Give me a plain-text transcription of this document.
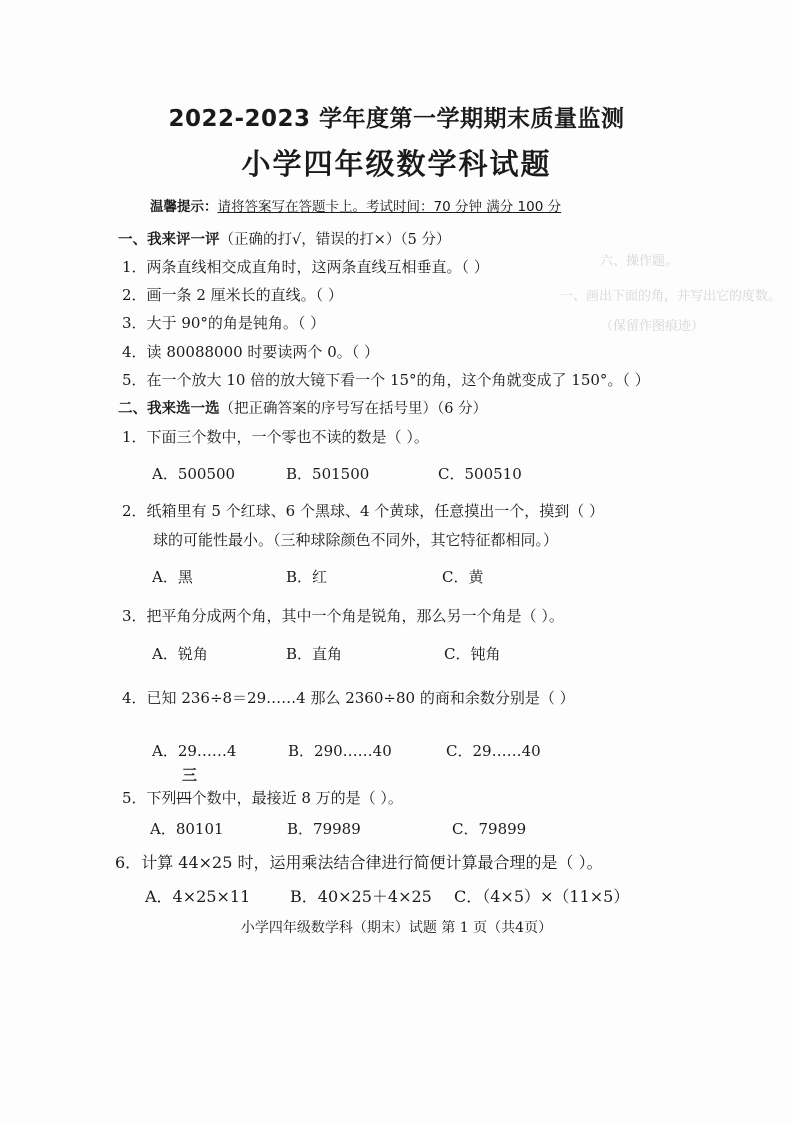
六、操作题。
一、画出下面的角，并写出它的度数。
（保留作图痕迹）
2022-2023 学年度第一学期期末质量监测
小学四年级数学科试题
温馨提示：请将答案写在答题卡上。考试时间：70 分钟 满分 100 分
一、我来评一评（正确的打√，错误的打×）（5 分）
1．两条直线相交成直角时，这两条直线互相垂直。（ ）
2．画一条 2 厘米长的直线。（ ）
3．大于 90°的角是钝角。（ ）
4．读 80088000 时要读两个 0。（ ）
5．在一个放大 10 倍的放大镜下看一个 15°的角，这个角就变成了 150°。（ ）
二、我来选一选（把正确答案的序号写在括号里）（6 分）
1．下面三个数中，一个零也不读的数是（ ）。
A．500500	B．501500	C．500510
2．纸箱里有 5 个红球、6 个黑球、4 个黄球，任意摸出一个，摸到（ ）
球的可能性最小。（三种球除颜色不同外，其它特征都相同。）
A．黑	B．红	C．黄
3．把平角分成两个角，其中一个角是锐角，那么另一个角是（ ）。
A．锐角	B．直角	C．钝角
4．已知 236÷8＝29……4 那么 2360÷80 的商和余数分别是（ ）
A．29……4	B．290……40	C．29……40
三
5．下列四个数中，最接近 8 万的是（ ）。
A．80101	B．79989	C．79899
6．计算 44×25 时，运用乘法结合律进行简便计算最合理的是（ ）。
A．4×25×11 B．40×25＋4×25 C．（4×5）×（11×5）
小学四年级数学科（期末）试题 第 1 页（共4页）
